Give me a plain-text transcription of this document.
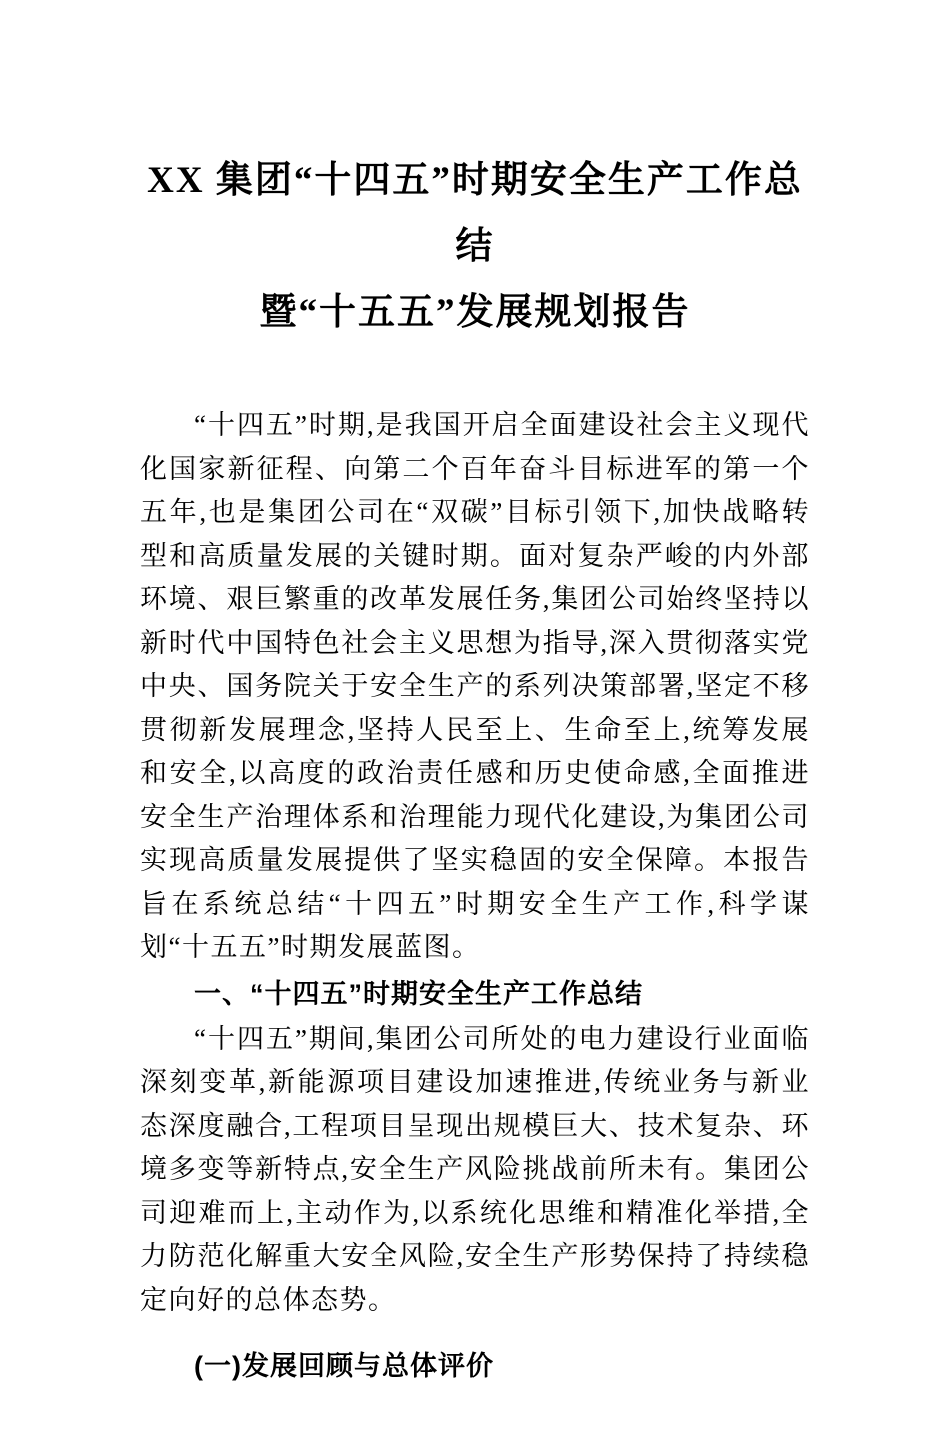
XX 集团“十四五”时期安全生产工作总结
暨“十五五”发展规划报告

“十四五”时期,是我国开启全面建设社会主义现代化国家新征程、向第二个百年奋斗目标进军的第一个五年,也是集团公司在“双碳”目标引领下,加快战略转型和高质量发展的关键时期。面对复杂严峻的内外部环境、艰巨繁重的改革发展任务,集团公司始终坚持以新时代中国特色社会主义思想为指导,深入贯彻落实党中央、国务院关于安全生产的系列决策部署,坚定不移贯彻新发展理念,坚持人民至上、生命至上,统筹发展和安全,以高度的政治责任感和历史使命感,全面推进安全生产治理体系和治理能力现代化建设,为集团公司实现高质量发展提供了坚实稳固的安全保障。本报告旨在系统总结“十四五”时期安全生产工作,科学谋划“十五五”时期发展蓝图。

一、“十四五”时期安全生产工作总结

“十四五”期间,集团公司所处的电力建设行业面临深刻变革,新能源项目建设加速推进,传统业务与新业态深度融合,工程项目呈现出规模巨大、技术复杂、环境多变等新特点,安全生产风险挑战前所未有。集团公司迎难而上,主动作为,以系统化思维和精准化举措,全力防范化解重大安全风险,安全生产形势保持了持续稳定向好的总体态势。

(一)发展回顾与总体评价
